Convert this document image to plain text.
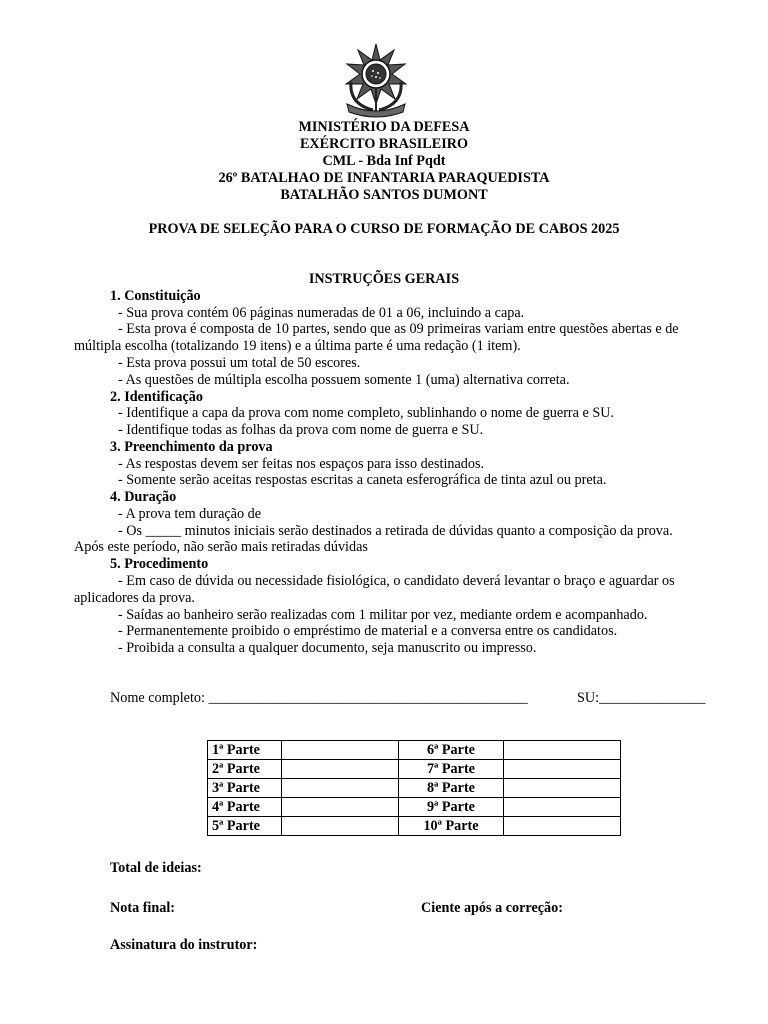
MINISTÉRIO DA DEFESA
EXÉRCITO BRASILEIRO
CML - Bda Inf Pqdt
26º BATALHAO DE INFANTARIA PARAQUEDISTA
BATALHÃO SANTOS DUMONT
PROVA DE SELEÇÃO PARA O CURSO DE FORMAÇÃO DE CABOS 2025
INSTRUÇÕES GERAIS
1. Constituição
- Sua prova contém 06 páginas numeradas de 01 a 06, incluindo a capa.
- Esta prova é composta de 10 partes, sendo que as 09 primeiras variam entre questões abertas e de
múltipla escolha (totalizando 19 itens) e a última parte é uma redação (1 item).
- Esta prova possui um total de 50 escores.
- As questões de múltipla escolha possuem somente 1 (uma) alternativa correta.
2. Identificação
- Identifique a capa da prova com nome completo, sublinhando o nome de guerra e SU.
- Identifique todas as folhas da prova com nome de guerra e SU.
3. Preenchimento da prova
- As respostas devem ser feitas nos espaços para isso destinados.
- Somente serão aceitas respostas escritas a caneta esferográfica de tinta azul ou preta.
4. Duração
- A prova tem duração de
- Os _____ minutos iniciais serão destinados a retirada de dúvidas quanto a composição da prova.
Após este período, não serão mais retiradas dúvidas
5. Procedimento
- Em caso de dúvida ou necessidade fisiológica, o candidato deverá levantar o braço e aguardar os
aplicadores da prova.
- Saídas ao banheiro serão realizadas com 1 militar por vez, mediante ordem e acompanhado.
- Permanentemente proibido o empréstimo de material e a conversa entre os candidatos.
- Proibida a consulta a qualquer documento, seja manuscrito ou impresso.
Nome completo: _____________________________________________	SU:_______________
1ª Parte		6ª Parte	
2ª Parte		7ª Parte	
3ª Parte		8ª Parte	
4ª Parte		9ª Parte	
5ª Parte		10ª Parte	
Total de ideias:
Nota final:	Ciente após a correção:
Assinatura do instrutor:
